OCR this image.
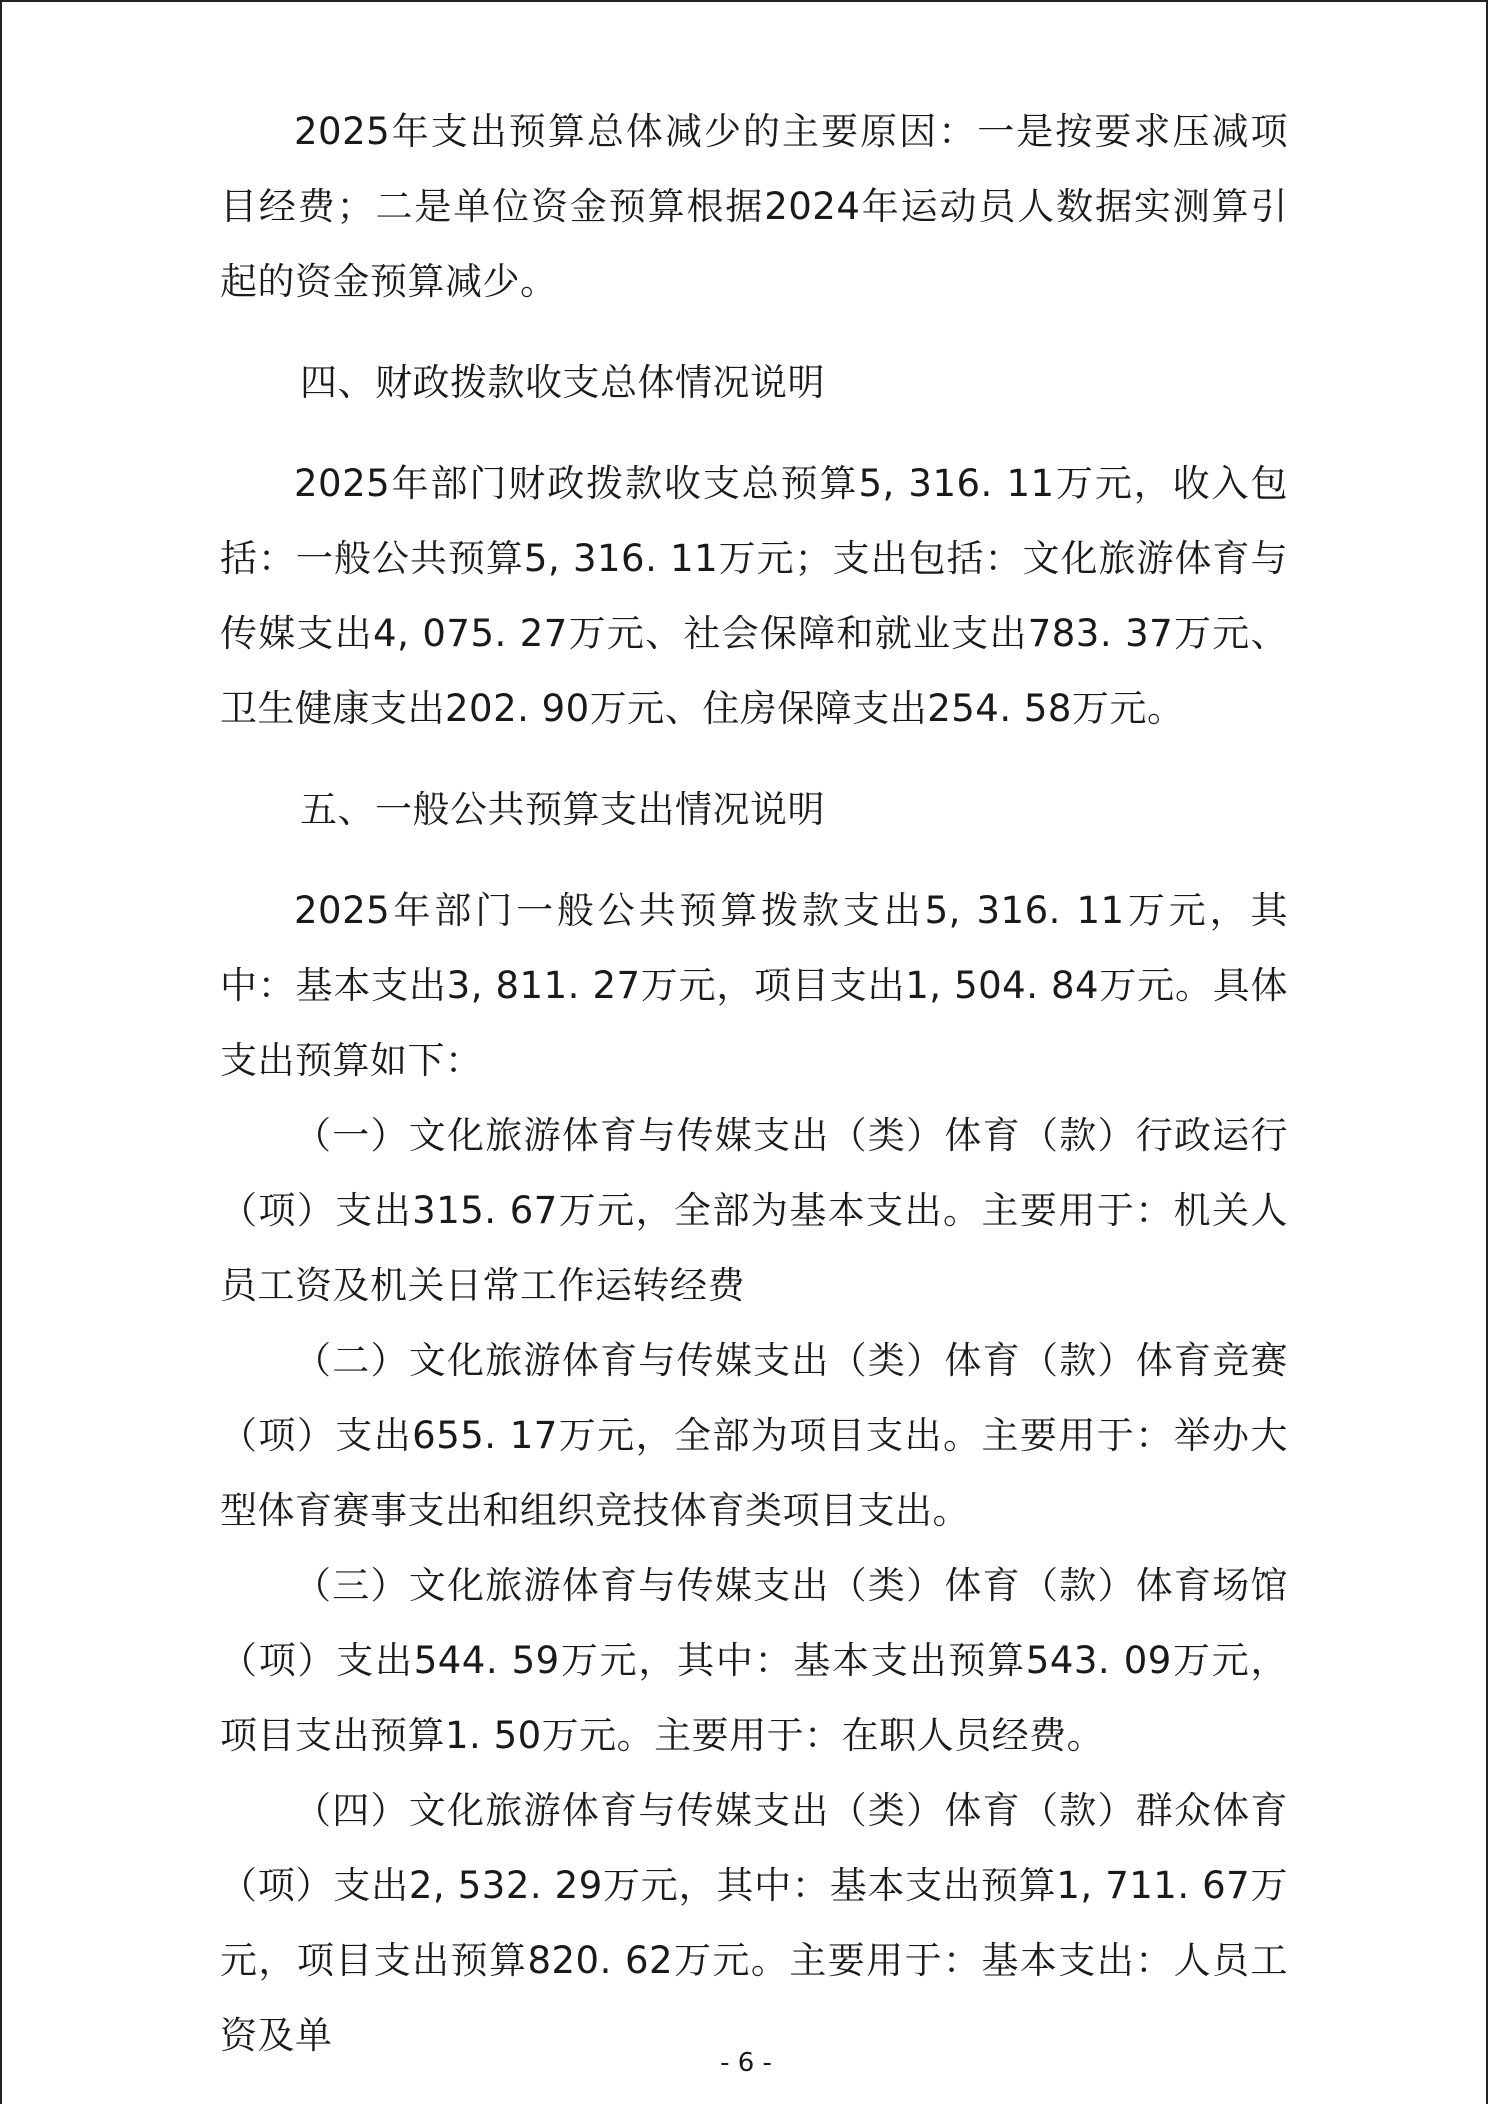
2025年支出预算总体减少的主要原因：一是按要求压减项目经费；二是单位资金预算根据2024年运动员人数据实测算引起的资金预算减少。

四、财政拨款收支总体情况说明

2025年部门财政拨款收支总预算5, 316. 11万元，收入包括：一般公共预算5, 316. 11万元；支出包括：文化旅游体育与传媒支出4, 075. 27万元、社会保障和就业支出783. 37万元、卫生健康支出202. 90万元、住房保障支出254. 58万元。

五、一般公共预算支出情况说明

2025年部门一般公共预算拨款支出5, 316. 11万元，其中：基本支出3, 811. 27万元，项目支出1, 504. 84万元。具体支出预算如下：

（一）文化旅游体育与传媒支出（类）体育（款）行政运行（项）支出315. 67万元，全部为基本支出。主要用于：机关人员工资及机关日常工作运转经费

（二）文化旅游体育与传媒支出（类）体育（款）体育竞赛（项）支出655. 17万元，全部为项目支出。主要用于：举办大型体育赛事支出和组织竞技体育类项目支出。

（三）文化旅游体育与传媒支出（类）体育（款）体育场馆（项）支出544. 59万元，其中：基本支出预算543. 09万元，项目支出预算1. 50万元。主要用于：在职人员经费。

（四）文化旅游体育与传媒支出（类）体育（款）群众体育（项）支出2, 532. 29万元，其中：基本支出预算1, 711. 67万元，项目支出预算820. 62万元。主要用于：基本支出：人员工资及单

- 6 -
